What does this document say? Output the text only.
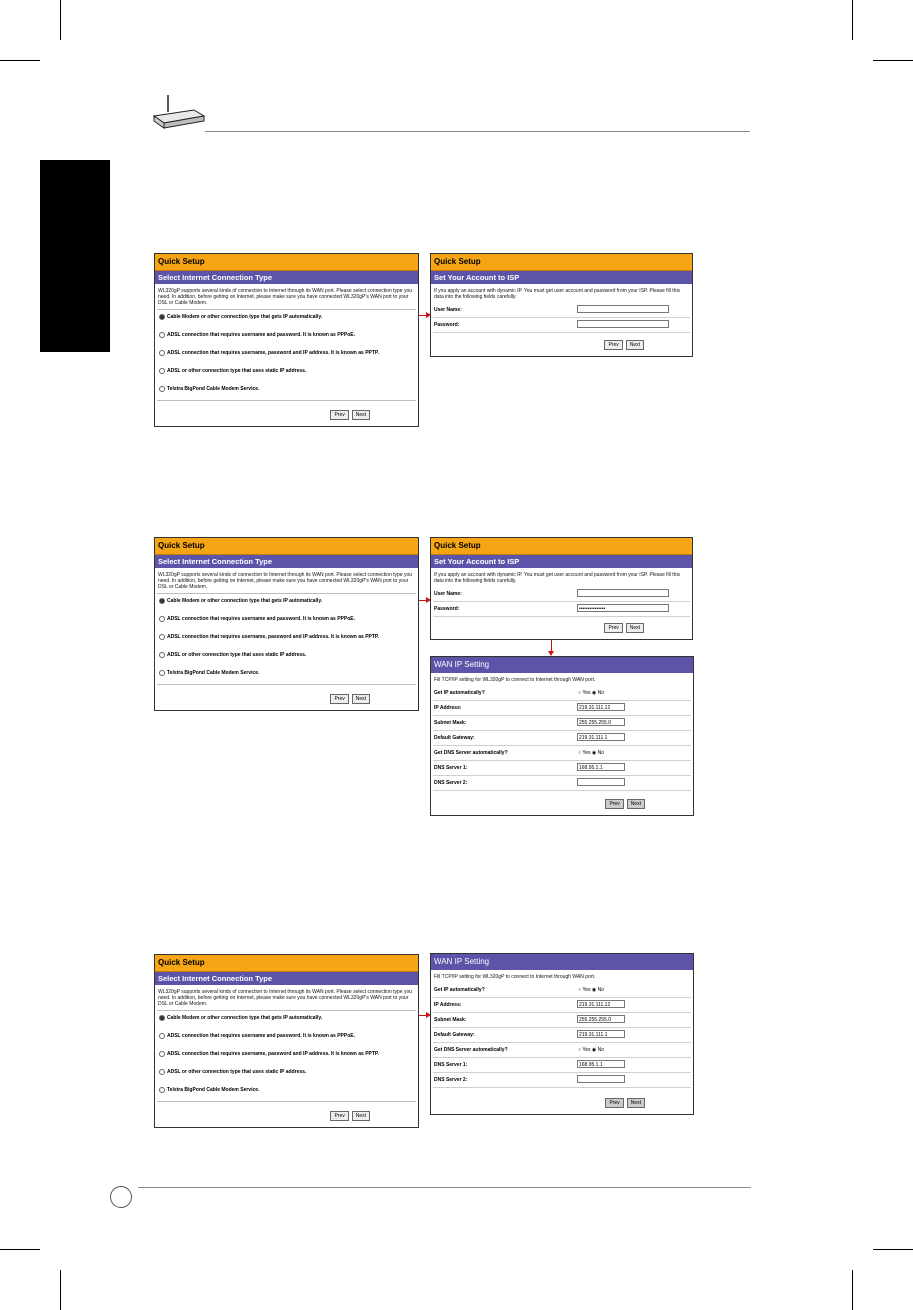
Quick Setup
Select Internet Connection Type
WL320gP supports several kinds of connection to Internet through its WAN port. Please select connection type you need. In addition, before getting on Internet, please make sure you have connected WL320gP's WAN port to your DSL or Cable Modem.
Cable Modem or other connection type that gets IP automatically.
ADSL connection that requires username and password. It is known as PPPoE.
ADSL connection that requires username, password and IP address. It is known as PPTP.
ADSL or other connection type that uses static IP address.
Telstra BigPond Cable Modem Service.
Prev Next
Quick Setup
Set Your Account to ISP
If you apply an account with dynamic IP. You must get user account and password from your ISP. Please fill this data into the following fields carefully.
User Name:
Password:
Prev Next
Quick Setup
Select Internet Connection Type
WL320gP supports several kinds of connection to Internet through its WAN port. Please select connection type you need. In addition, before getting on Internet, please make sure you have connected WL320gP's WAN port to your DSL or Cable Modem.
Cable Modem or other connection type that gets IP automatically.
ADSL connection that requires username and password. It is known as PPPoE.
ADSL connection that requires username, password and IP address. It is known as PPTP.
ADSL or other connection type that uses static IP address.
Telstra BigPond Cable Modem Service.
Prev Next
Quick Setup
Set Your Account to ISP
If you apply an account with dynamic IP. You must get user account and password from your ISP. Please fill this data into the following fields carefully.
User Name:
Password:	•••••••••••••••
Prev Next
WAN IP Setting
Fill TCP/IP setting for WL320gP to connect to Internet through WAN port.
Get IP automatically?	○ Yes ◉ No
IP Address:	219.31.111.12
Subnet Mask:	255.255.255.0
Default Gateway:	219.31.111.1
Get DNS Server automatically?	○ Yes ◉ No
DNS Server 1:	168.95.1.1
DNS Server 2:
Prev Next
Quick Setup
Select Internet Connection Type
WL320gP supports several kinds of connection to Internet through its WAN port. Please select connection type you need. In addition, before getting on Internet, please make sure you have connected WL320gP's WAN port to your DSL or Cable Modem.
Cable Modem or other connection type that gets IP automatically.
ADSL connection that requires username and password. It is known as PPPoE.
ADSL connection that requires username, password and IP address. It is known as PPTP.
ADSL or other connection type that uses static IP address.
Telstra BigPond Cable Modem Service.
Prev Next
WAN IP Setting
Fill TCP/IP setting for WL320gP to connect to Internet through WAN port.
Get IP automatically?	○ Yes ◉ No
IP Address:	219.31.111.12
Subnet Mask:	255.255.255.0
Default Gateway:	219.31.111.1
Get DNS Server automatically?	○ Yes ◉ No
DNS Server 1:	168.95.1.1
DNS Server 2:
Prev Next
